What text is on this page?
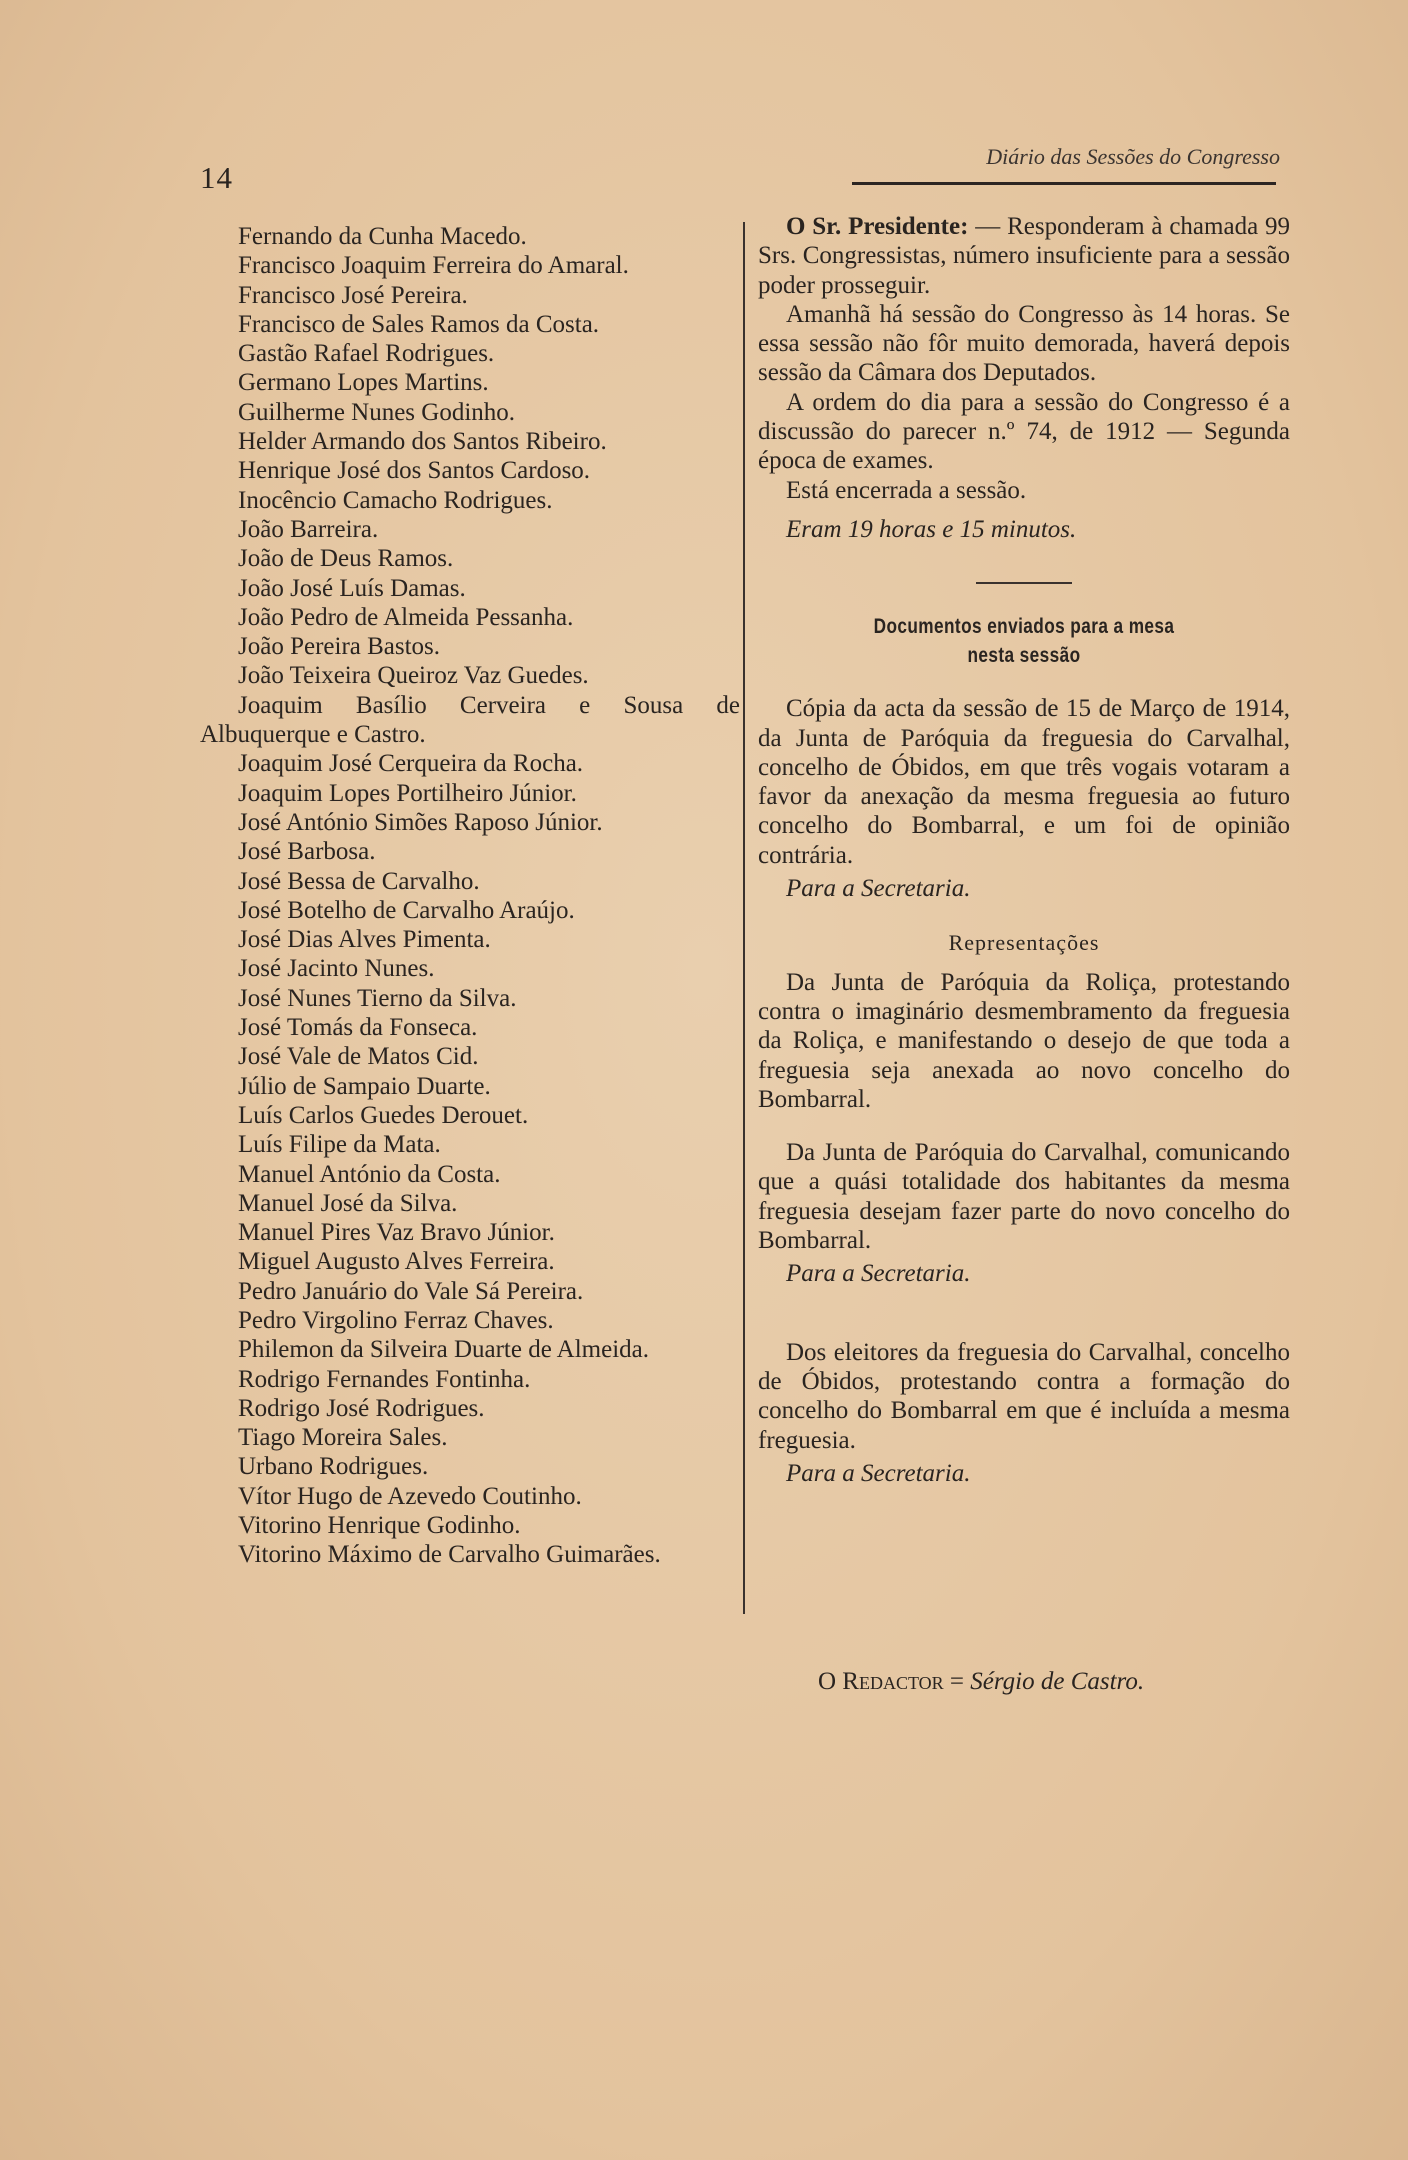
14
Diário das Sessões do Congresso
Fernando da Cunha Macedo.
Francisco Joaquim Ferreira do Amaral.
Francisco José Pereira.
Francisco de Sales Ramos da Costa.
Gastão Rafael Rodrigues.
Germano Lopes Martins.
Guilherme Nunes Godinho.
Helder Armando dos Santos Ribeiro.
Henrique José dos Santos Cardoso.
Inocêncio Camacho Rodrigues.
João Barreira.
João de Deus Ramos.
João José Luís Damas.
João Pedro de Almeida Pessanha.
João Pereira Bastos.
João Teixeira Queiroz Vaz Guedes.
Joaquim Basílio Cerveira e Sousa de Albuquerque e Castro.
Joaquim José Cerqueira da Rocha.
Joaquim Lopes Portilheiro Júnior.
José António Simões Raposo Júnior.
José Barbosa.
José Bessa de Carvalho.
José Botelho de Carvalho Araújo.
José Dias Alves Pimenta.
José Jacinto Nunes.
José Nunes Tierno da Silva.
José Tomás da Fonseca.
José Vale de Matos Cid.
Júlio de Sampaio Duarte.
Luís Carlos Guedes Derouet.
Luís Filipe da Mata.
Manuel António da Costa.
Manuel José da Silva.
Manuel Pires Vaz Bravo Júnior.
Miguel Augusto Alves Ferreira.
Pedro Januário do Vale Sá Pereira.
Pedro Virgolino Ferraz Chaves.
Philemon da Silveira Duarte de Almeida.
Rodrigo Fernandes Fontinha.
Rodrigo José Rodrigues.
Tiago Moreira Sales.
Urbano Rodrigues.
Vítor Hugo de Azevedo Coutinho.
Vitorino Henrique Godinho.
Vitorino Máximo de Carvalho Guimarães.

O Sr. Presidente: — Responderam à chamada 99 Srs. Congressistas, número insuficiente para a sessão poder prosseguir.

Amanhã há sessão do Congresso às 14 horas. Se essa sessão não fôr muito demorada, haverá depois sessão da Câmara dos Deputados.

A ordem do dia para a sessão do Congresso é a discussão do parecer n.º 74, de 1912 — Segunda época de exames.

Está encerrada a sessão.

Eram 19 horas e 15 minutos.

Documentos enviados para a mesa
nesta sessão

Cópia da acta da sessão de 15 de Março de 1914, da Junta de Paróquia da freguesia do Carvalhal, concelho de Óbidos, em que três vogais votaram a favor da anexação da mesma freguesia ao futuro concelho do Bombarral, e um foi de opinião contrária.

Para a Secretaria.

Representações

Da Junta de Paróquia da Roliça, protestando contra o imaginário desmembramento da freguesia da Roliça, e manifestando o desejo de que toda a freguesia seja anexada ao novo concelho do Bombarral.

Da Junta de Paróquia do Carvalhal, comunicando que a quási totalidade dos habitantes da mesma freguesia desejam fazer parte do novo concelho do Bombarral.

Para a Secretaria.

Dos eleitores da freguesia do Carvalhal, concelho de Óbidos, protestando contra a formação do concelho do Bombarral em que é incluída a mesma freguesia.

Para a Secretaria.

O Redactor = Sérgio de Castro.
